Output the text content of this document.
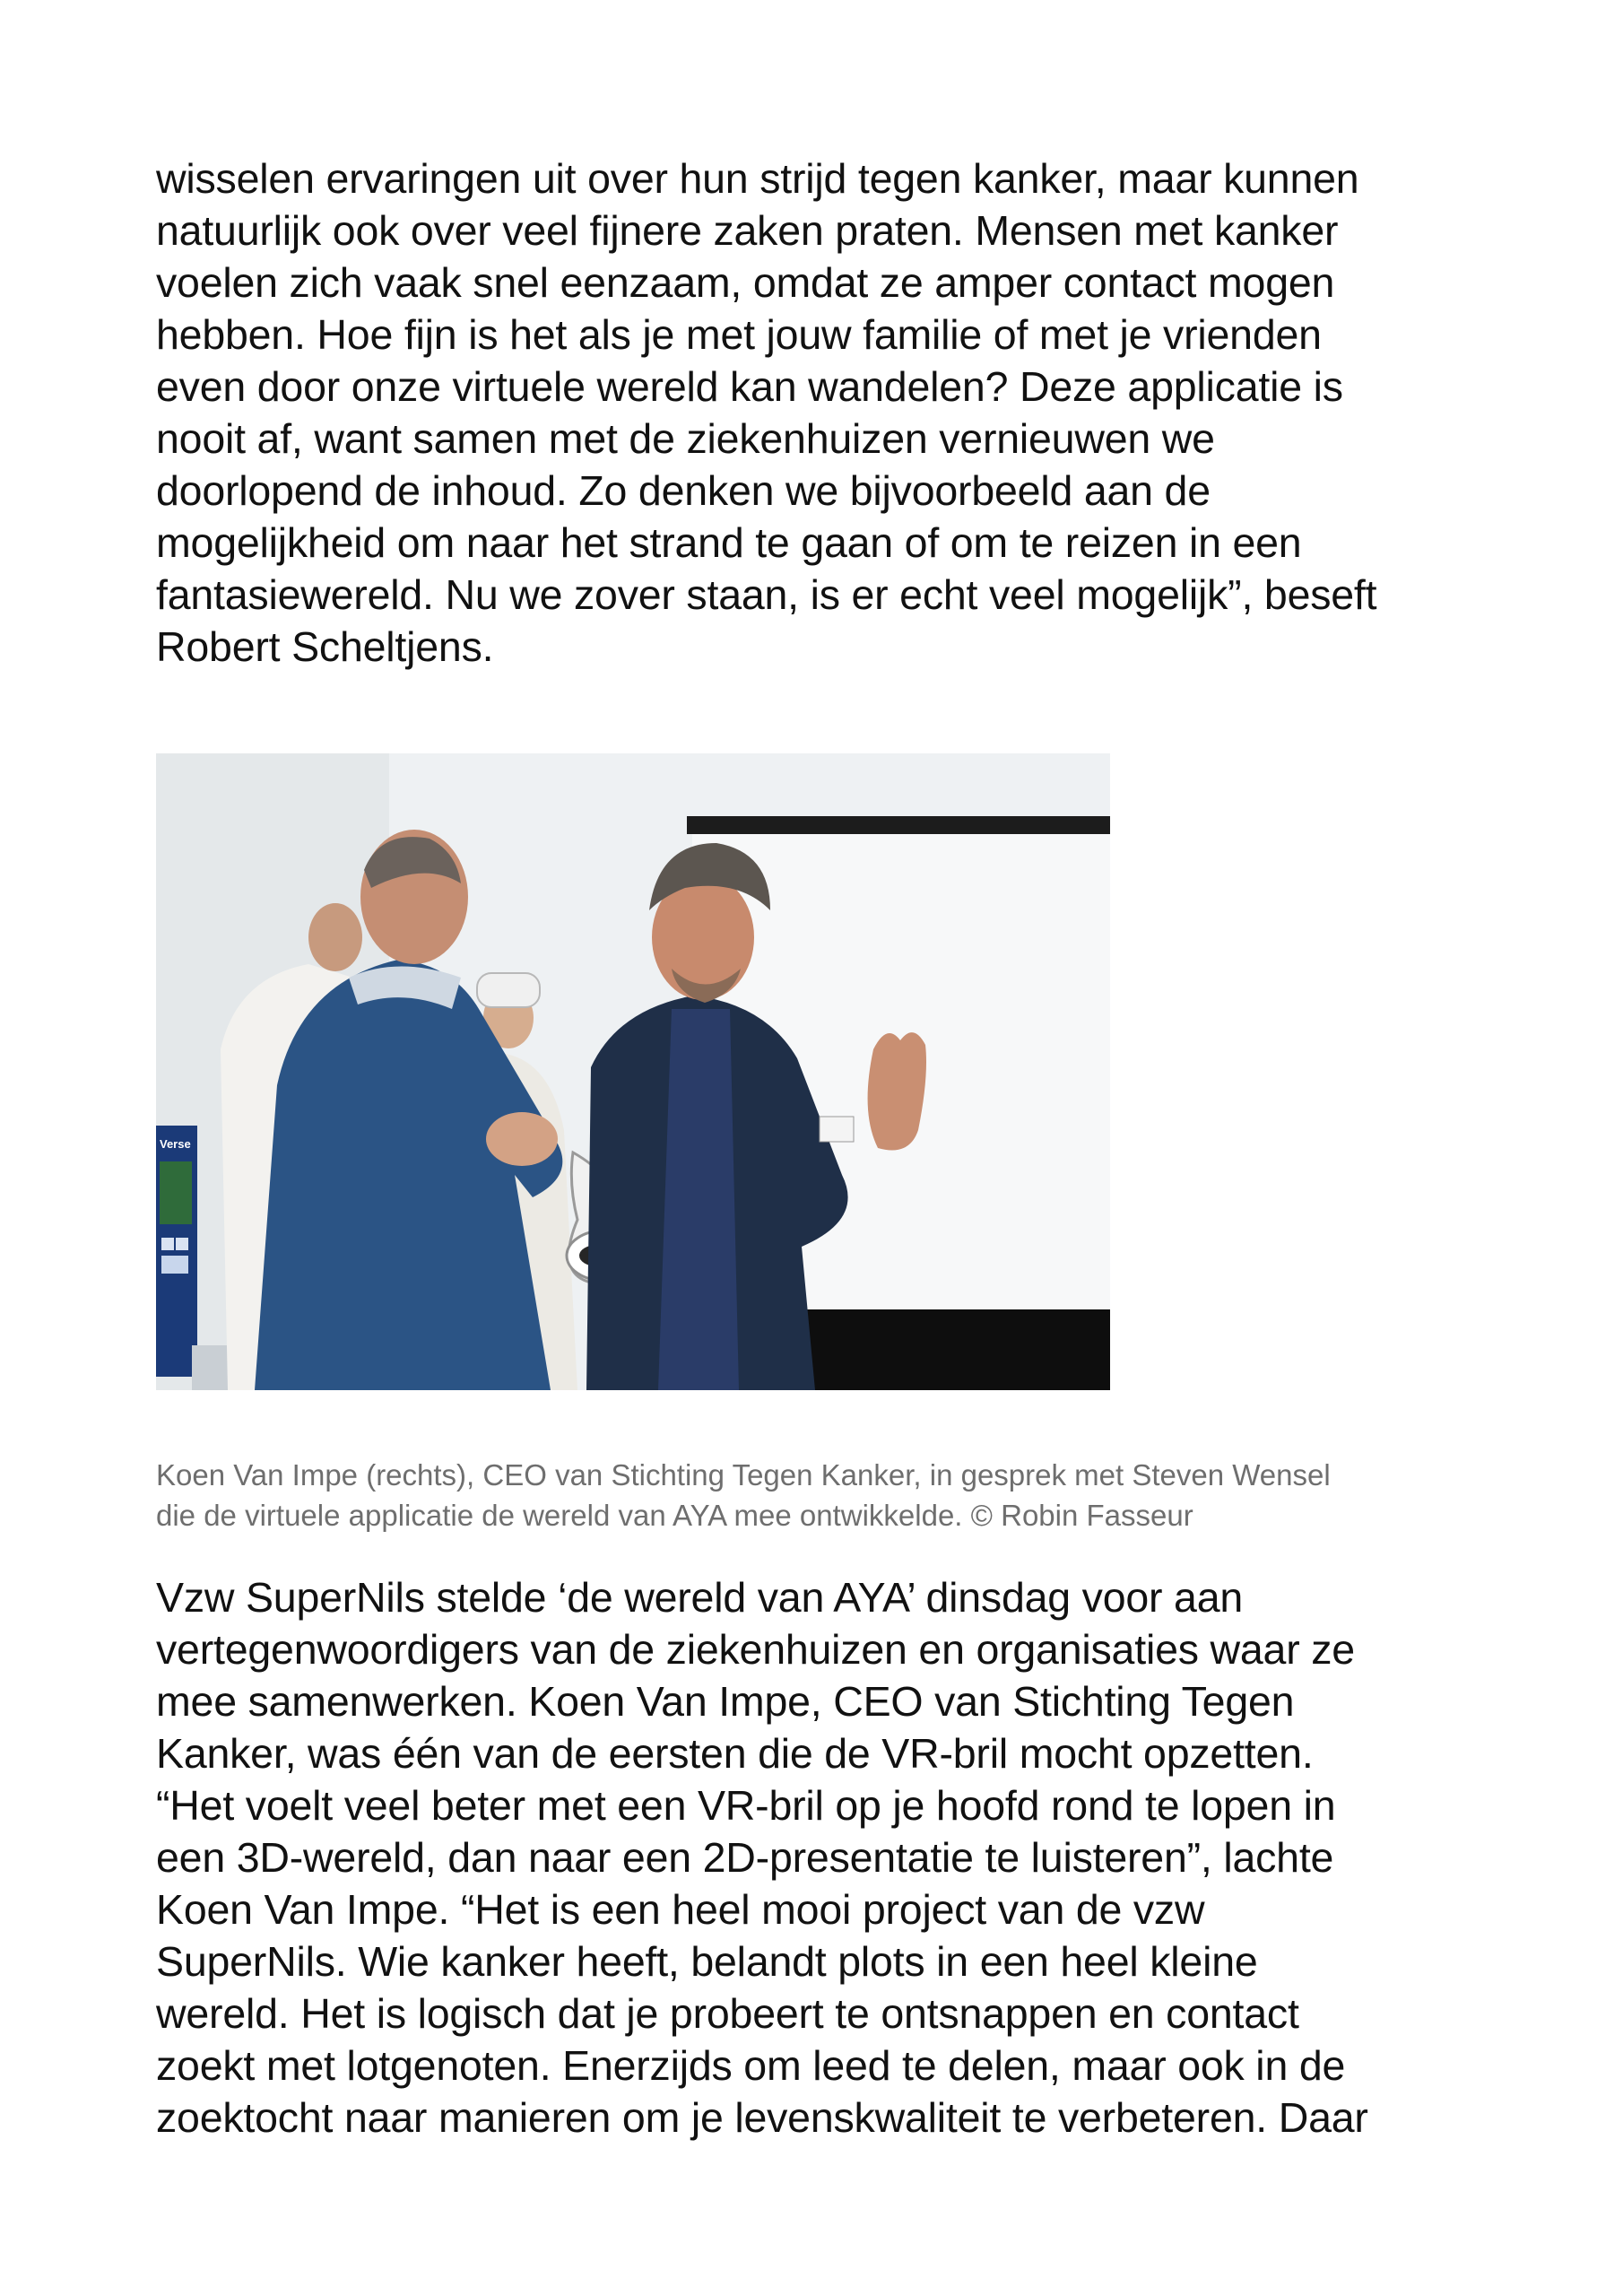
wisselen ervaringen uit over hun strijd tegen kanker, maar kunnen
natuurlijk ook over veel fijnere zaken praten. Mensen met kanker
voelen zich vaak snel eenzaam, omdat ze amper contact mogen
hebben. Hoe fijn is het als je met jouw familie of met je vrienden
even door onze virtuele wereld kan wandelen? Deze applicatie is
nooit af, want samen met de ziekenhuizen vernieuwen we
doorlopend de inhoud. Zo denken we bijvoorbeeld aan de
mogelijkheid om naar het strand te gaan of om te reizen in een
fantasiewereld. Nu we zover staan, is er echt veel mogelijk”, beseft
Robert Scheltjens.

Verse

Koen Van Impe (rechts), CEO van Stichting Tegen Kanker, in gesprek met Steven Wensel
die de virtuele applicatie de wereld van AYA mee ontwikkelde. © Robin Fasseur

Vzw SuperNils stelde ‘de wereld van AYA’ dinsdag voor aan
vertegenwoordigers van de ziekenhuizen en organisaties waar ze
mee samenwerken. Koen Van Impe, CEO van Stichting Tegen
Kanker, was één van de eersten die de VR-bril mocht opzetten.
“Het voelt veel beter met een VR-bril op je hoofd rond te lopen in
een 3D-wereld, dan naar een 2D-presentatie te luisteren”, lachte
Koen Van Impe. “Het is een heel mooi project van de vzw
SuperNils. Wie kanker heeft, belandt plots in een heel kleine
wereld. Het is logisch dat je probeert te ontsnappen en contact
zoekt met lotgenoten. Enerzijds om leed te delen, maar ook in de
zoektocht naar manieren om je levenskwaliteit te verbeteren. Daar
